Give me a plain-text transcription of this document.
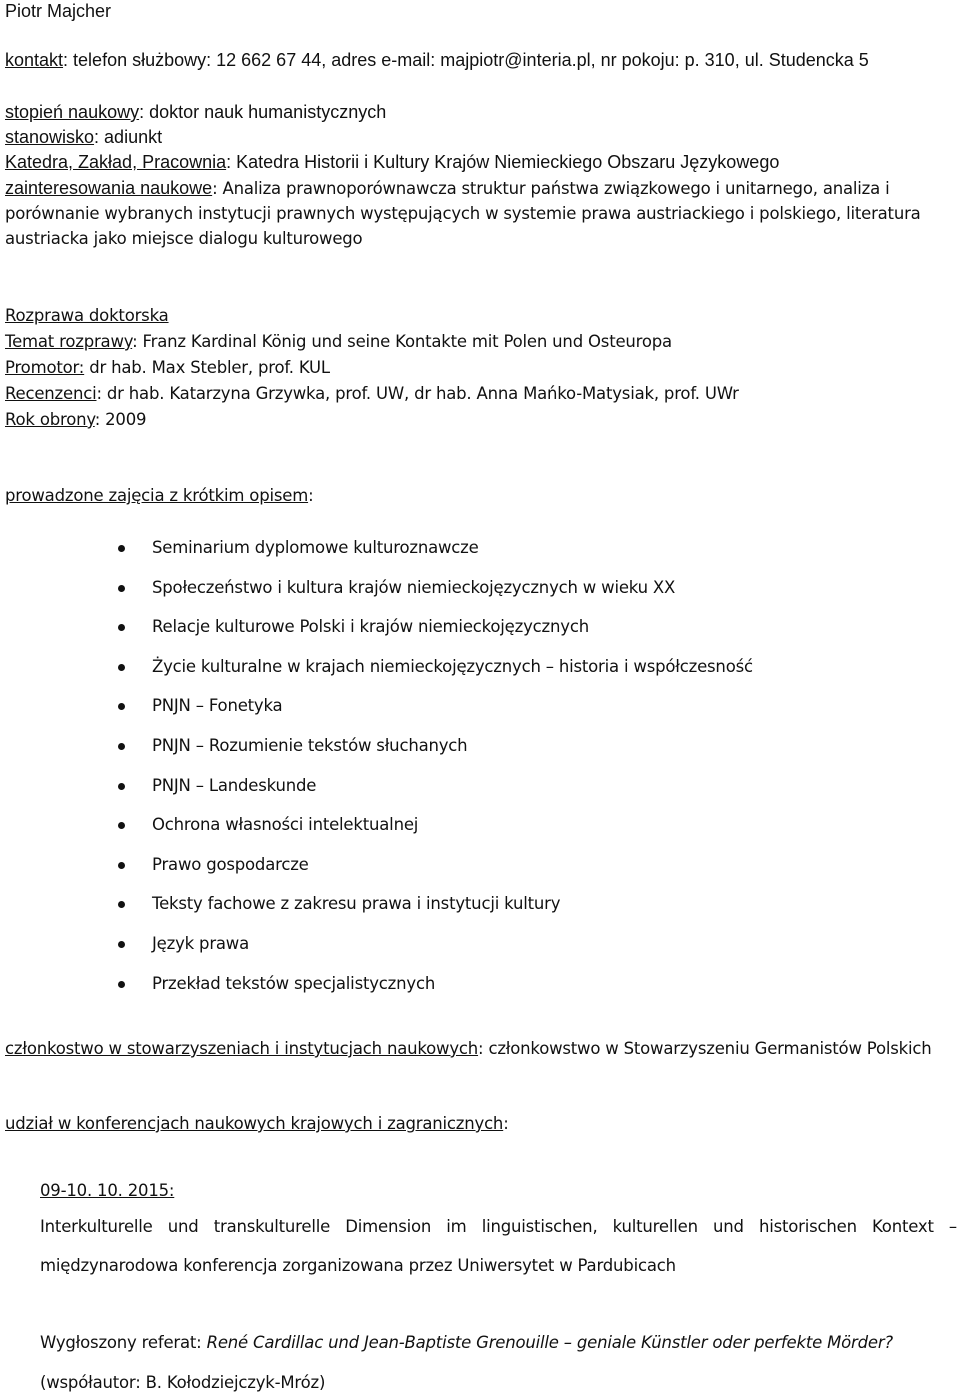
Piotr Majcher
kontakt: telefon służbowy: 12 662 67 44, adres e-mail: majpiotr@interia.pl, nr pokoju: p. 310, ul. Studencka 5
stopień naukowy: doktor nauk humanistycznych
stanowisko: adiunkt
Katedra, Zakład, Pracownia: Katedra Historii i Kultury Krajów Niemieckiego Obszaru Językowego
zainteresowania naukowe: Analiza prawnoporównawcza struktur państwa związkowego i unitarnego, analiza i porównanie wybranych instytucji prawnych występujących w systemie prawa austriackiego i polskiego, literatura austriacka jako miejsce dialogu kulturowego
Rozprawa doktorska
Temat rozprawy: Franz Kardinal König und seine Kontakte mit Polen und Osteuropa
Promotor: dr hab. Max Stebler, prof. KUL
Recenzenci: dr hab. Katarzyna Grzywka, prof. UW, dr hab. Anna Mańko-Matysiak, prof. UWr
Rok obrony: 2009
prowadzone zajęcia z krótkim opisem:
Seminarium dyplomowe kulturoznawcze
Społeczeństwo i kultura krajów niemieckojęzycznych w wieku XX
Relacje kulturowe Polski i krajów niemieckojęzycznych
Życie kulturalne w krajach niemieckojęzycznych – historia i współczesność
PNJN – Fonetyka
PNJN – Rozumienie tekstów słuchanych
PNJN – Landeskunde
Ochrona własności intelektualnej
Prawo gospodarcze
Teksty fachowe z zakresu prawa i instytucji kultury
Język prawa
Przekład tekstów specjalistycznych
członkostwo w stowarzyszeniach i instytucjach naukowych: członkowstwo w Stowarzyszeniu Germanistów Polskich
udział w konferencjach naukowych krajowych i zagranicznych:
09-10. 10. 2015:
Interkulturelle und transkulturelle Dimension im linguistischen, kulturellen und historischen Kontext –
międzynarodowa konferencja zorganizowana przez Uniwersytet w Pardubicach
Wygłoszony referat: René Cardillac und Jean-Baptiste Grenouille – geniale Künstler oder perfekte Mörder?
(współautor: B. Kołodziejczyk-Mróz)
